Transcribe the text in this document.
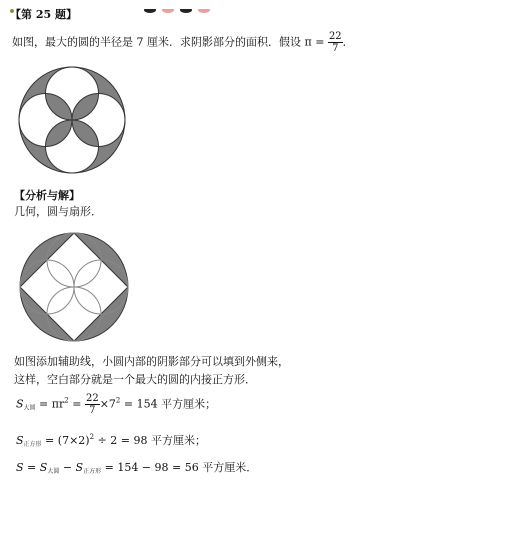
【第 25 题】
如图，最大的圆的半径是 7 厘米．求阴影部分的面积．假设 $\pi = \frac{22}{7}$ ．
【分析与解】
几何，圆与扇形．
如图添加辅助线，小圆内部的阴影部分可以填到外侧来，
这样，空白部分就是一个最大的圆的内接正方形．
$S_{大圆} = \pi r^2 = \frac{22}{7} \times 7^2 = 154$ 平方厘米；
$S_{正方形} = (7\times 2)^2 \div 2 = 98$ 平方厘米；
$S = S_{大圆} - S_{正方形} = 154 - 98 = 56$ 平方厘米．
